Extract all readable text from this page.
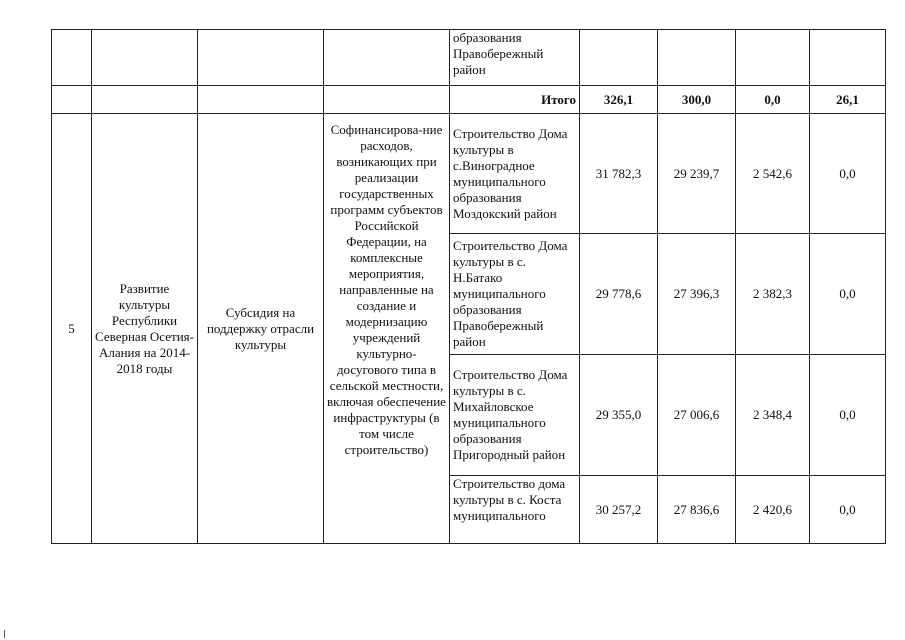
				образования Правобережный район				
				Итого	326,1	300,0	0,0	26,1
5	Развитие культуры Республики Северная Осетия-Алания на 2014-2018 годы	Субсидия на поддержку отрасли культуры	Софинансирова-ние расходов, возникающих при реализации государственных программ субъектов Российской Федерации, на комплексные мероприятия, направленные на создание и модернизацию учреждений культурно-досугового типа в сельской местности, включая обеспечение инфраструктуры (в том числе строительство)	Строительство Дома культуры в с.Виноградное муниципального образования Моздокский район	31 782,3	29 239,7	2 542,6	0,0
				Строительство Дома культуры в с. Н.Батако муниципального образования Правобережный район	29 778,6	27 396,3	2 382,3	0,0
				Строительство Дома культуры в с. Михайловское муниципального образования Пригородный район	29 355,0	27 006,6	2 348,4	0,0
				Строительство дома культуры в с. Коста муниципального	30 257,2	27 836,6	2 420,6	0,0
